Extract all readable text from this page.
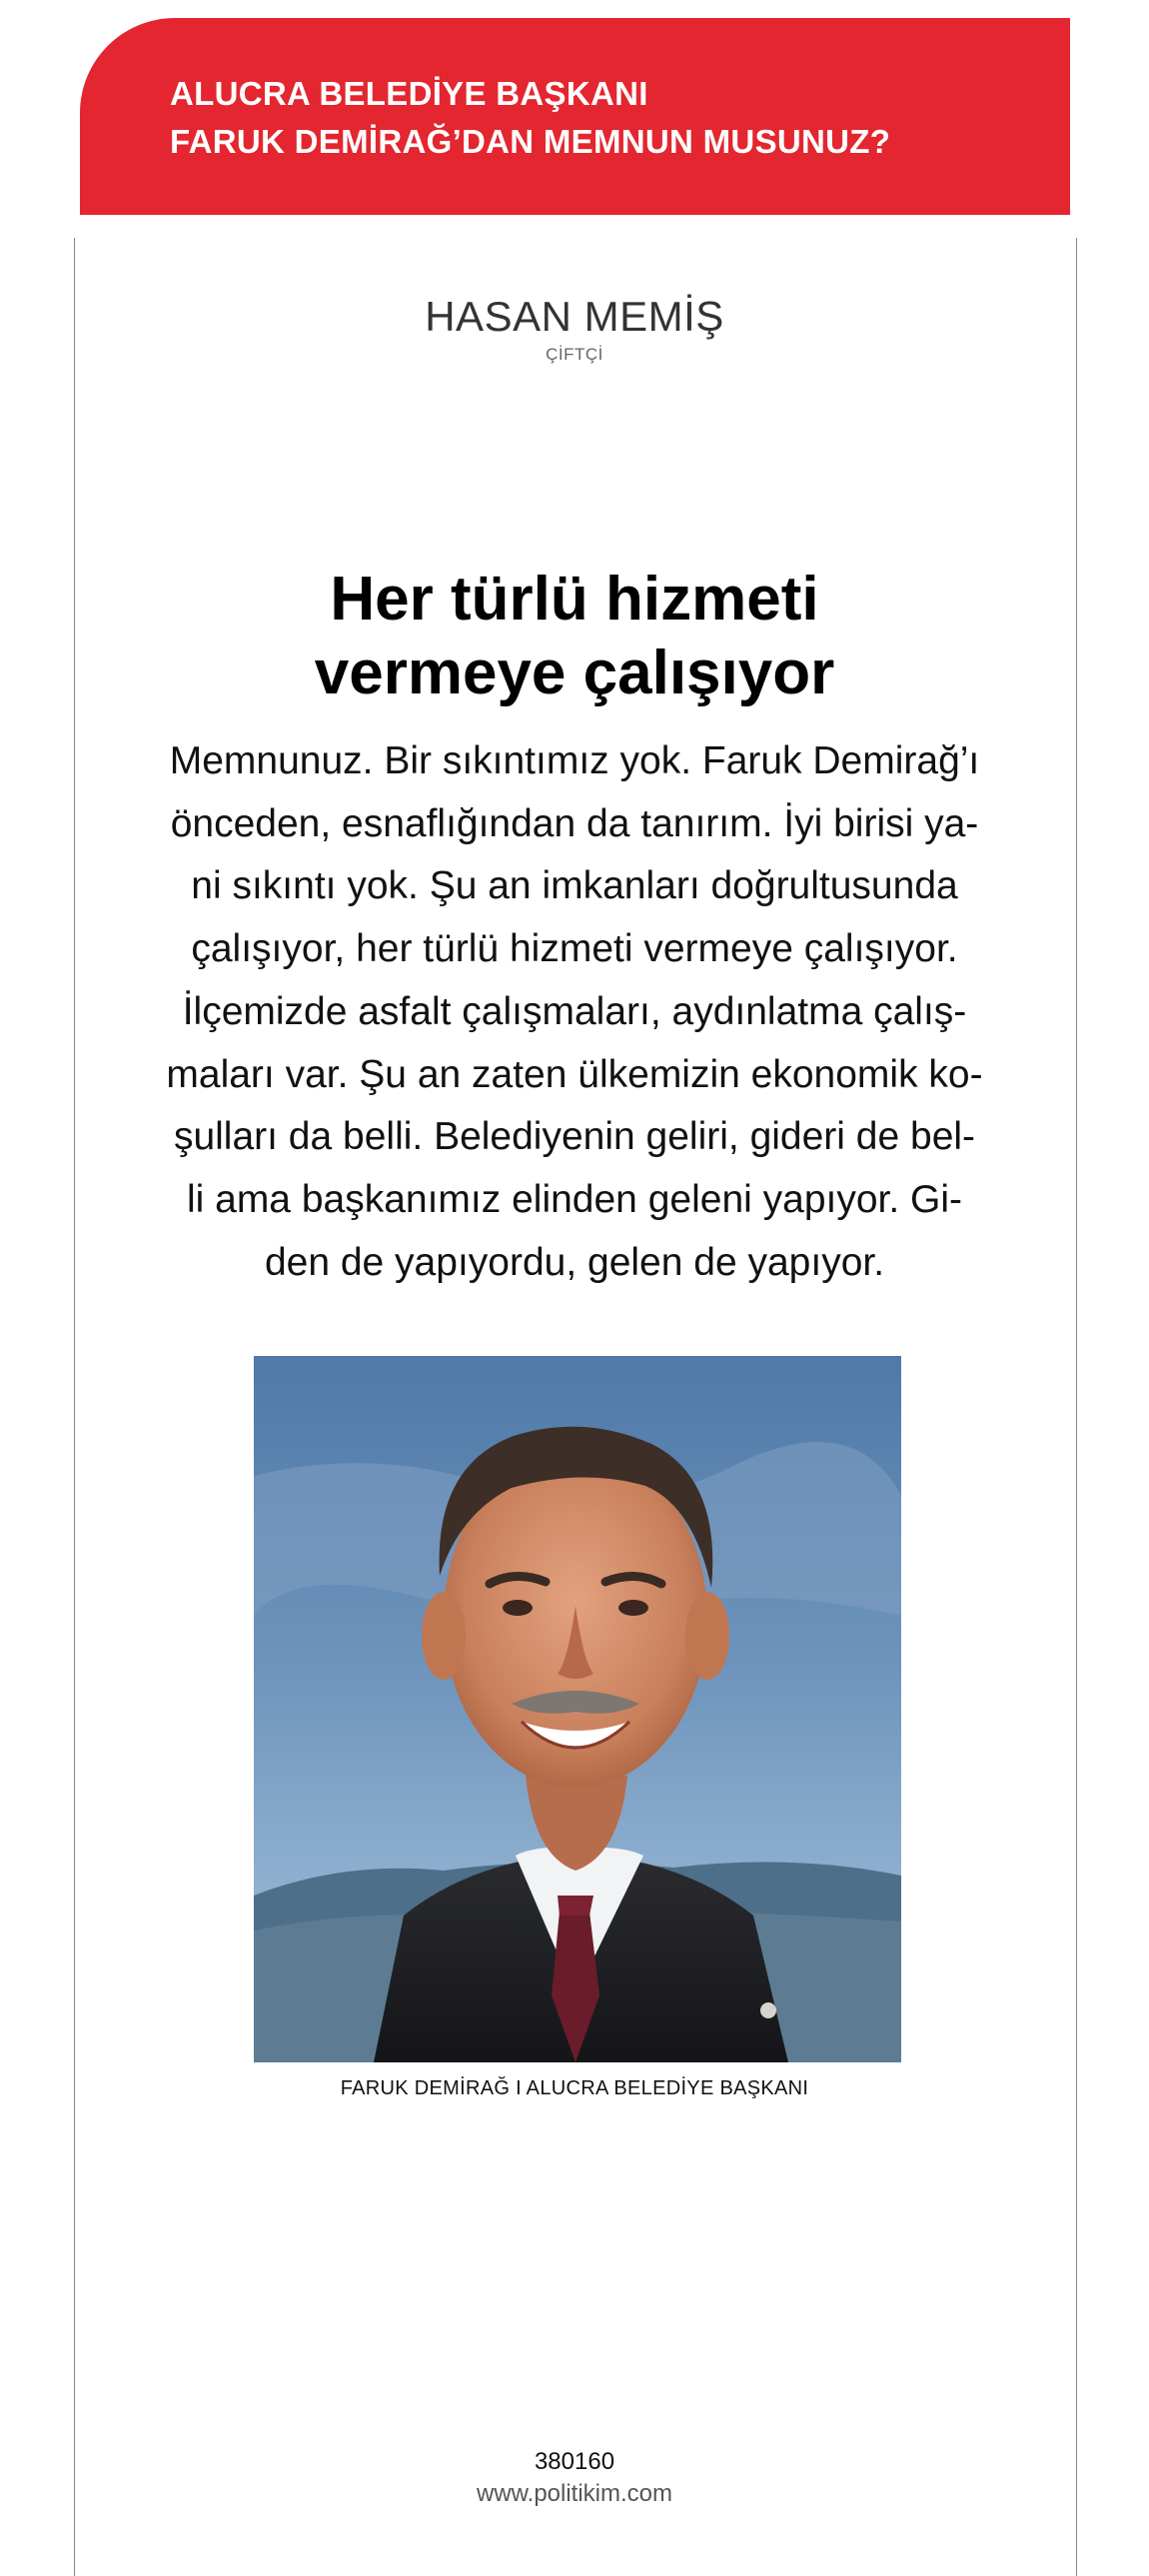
ALUCRA BELEDİYE BAŞKANI
FARUK DEMİRAĞ’DAN MEMNUN MUSUNUZ?
HASAN MEMİŞ
ÇİFTÇİ
Her türlü hizmeti
vermeye çalışıyor
Memnunuz. Bir sıkıntımız yok. Faruk Demirağ’ı
önceden, esnaflığından da tanırım. İyi birisi ya-
ni sıkıntı yok. Şu an imkanları doğrultusunda
çalışıyor, her türlü hizmeti vermeye çalışıyor.
İlçemizde asfalt çalışmaları, aydınlatma çalış-
maları var. Şu an zaten ülkemizin ekonomik ko-
şulları da belli. Belediyenin geliri, gideri de bel-
li ama başkanımız elinden geleni yapıyor. Gi-
den de yapıyordu, gelen de yapıyor.
FARUK DEMİRAĞ I ALUCRA BELEDİYE BAŞKANI
380160
www.politikim.com
